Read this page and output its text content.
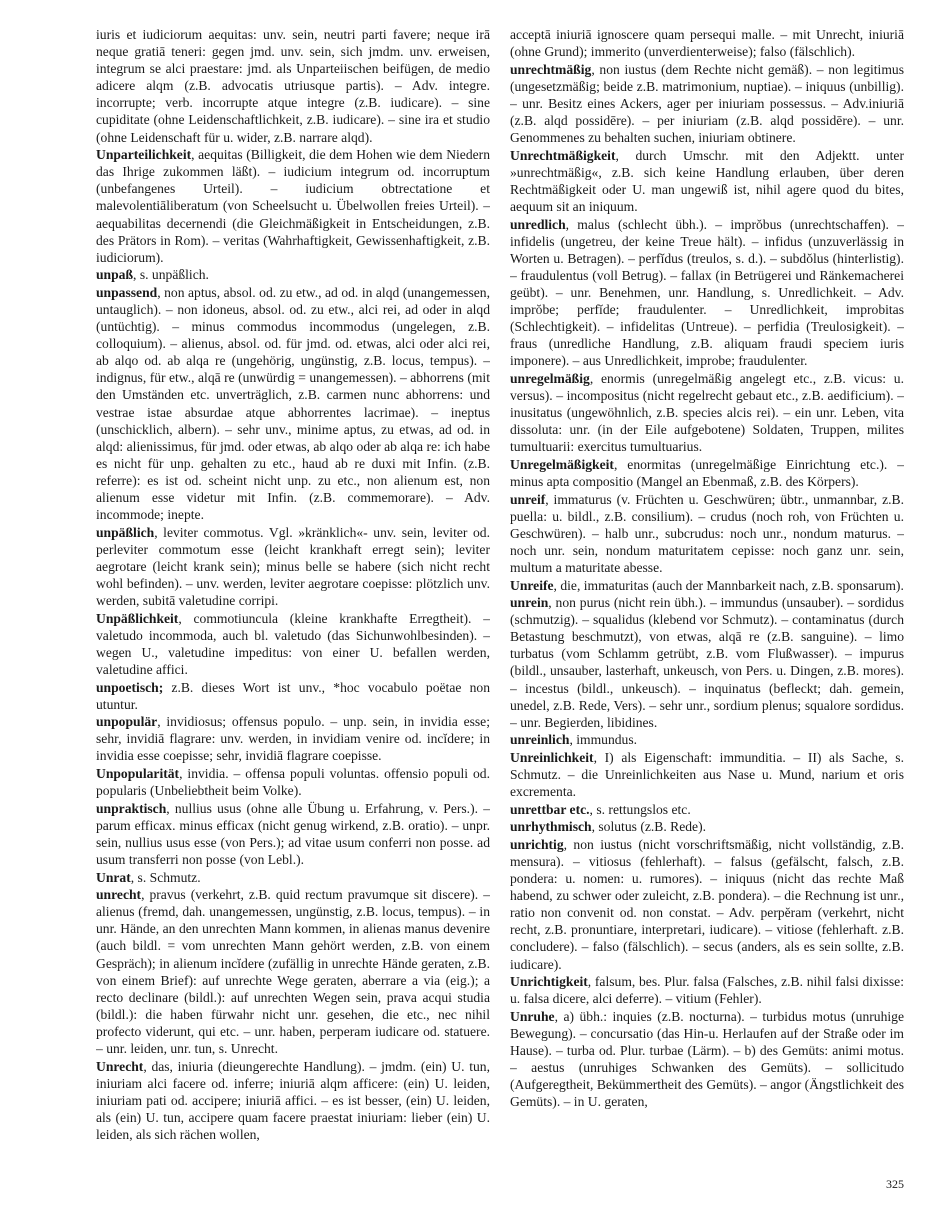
iuris et iudiciorum aequitas: unv. sein, neutri parti favere; neque irā neque gratiā teneri: gegen jmd. unv. sein, sich jmdm. unv. erweisen, integrum se alci praestare: jmd. als Unparteiischen beifügen, de medio adicere alqm (z.B. advocatis utriusque partis). – Adv. integre. incorrupte; verb. incorrupte atque integre (z.B. iudicare). – sine cupiditate (ohne Leidenschaftlichkeit, z.B. iudicare). – sine ira et studio (ohne Leidenschaft für u. wider, z.B. narrare alqd).

Unparteilichkeit, aequitas (Billigkeit, die dem Hohen wie dem Niedern das Ihrige zukommen läßt). – iudicium integrum od. incorruptum (unbefangenes Urteil). – iudicium obtrectatione et malevolentiāliberatum (von Scheelsucht u. Übelwollen freies Urteil). – aequabilitas decernendi (die Gleichmäßigkeit in Entscheidungen, z.B. des Prätors in Rom). – veritas (Wahrhaftigkeit, Gewissenhaftigkeit, z.B. iudiciorum).

unpaß, s. unpäßlich.

unpassend, non aptus, absol. od. zu etw., ad od. in alqd (unangemessen, untauglich). – non idoneus, absol. od. zu etw., alci rei, ad oder in alqd (untüchtig). – minus commodus incommodus (ungelegen, z.B. colloquium). – alienus, absol. od. für jmd. od. etwas, alci oder alci rei, ab alqo od. ab alqa re (ungehörig, ungünstig, z.B. locus, tempus). – indignus, für etw., alqā re (unwürdig = unangemessen). – abhorrens (mit den Umständen etc. unverträglich, z.B. carmen nunc abhorrens: und vestrae istae absurdae atque abhorrentes lacrimae). – ineptus (unschicklich, albern). – sehr unv., minime aptus, zu etwas, ad od. in alqd: alienissimus, für jmd. oder etwas, ab alqo oder ab alqa re: ich habe es nicht für unp. gehalten zu etc., haud ab re duxi mit Infin. (z.B. referre): es ist od. scheint nicht unp. zu etc., non alienum est, non alienum esse videtur mit Infin. (z.B. commemorare). – Adv. incommode; inepte.

unpäßlich, leviter commotus. Vgl. »kränklich«- unv. sein, leviter od. perleviter commotum esse (leicht krankhaft erregt sein); leviter aegrotare (leicht krank sein); minus belle se habere (sich nicht recht wohl befinden). – unv. werden, leviter aegrotare coepisse: plötzlich unv. werden, subitā valetudine corripi.

Unpäßlichkeit, commotiuncula (kleine krankhafte Erregtheit). – valetudo incommoda, auch bl. valetudo (das Sichunwohlbesinden). – wegen U., valetudine impeditus: von einer U. befallen werden, valetudine affici.

unpoetisch; z.B. dieses Wort ist unv., *hoc vocabulo poëtae non utuntur.

unpopulär, invidiosus; offensus populo. – unp. sein, in invidia esse; sehr, invidiā flagrare: unv. werden, in invidiam venire od. incĭdere; in invidia esse coepisse; sehr, invidiā flagrare coepisse.

Unpopularität, invidia. – offensa populi voluntas. offensio populi od. popularis (Unbeliebtheit beim Volke).

unpraktisch, nullius usus (ohne alle Übung u. Erfahrung, v. Pers.). – parum efficax. minus efficax (nicht genug wirkend, z.B. oratio). – unpr. sein, nullius usus esse (von Pers.); ad vitae usum conferri non posse. ad usum transferri non posse (von Lebl.).

Unrat, s. Schmutz.

unrecht, pravus (verkehrt, z.B. quid rectum pravumque sit discere). – alienus (fremd, dah. unangemessen, ungünstig, z.B. locus, tempus). – in unr. Hände, an den unrechten Mann kommen, in alienas manus devenire (auch bildl. = vom unrechten Mann gehört werden, z.B. von einem Gespräch); in alienum incĭdere (zufällig in unrechte Hände geraten, z.B. von einem Brief): auf unrechte Wege geraten, aberrare a via (eig.); a recto declinare (bildl.): auf unrechten Wegen sein, prava acqui studia (bildl.): die haben fürwahr nicht unr. gesehen, die etc., nec nihil profecto viderunt, qui etc. – unr. haben, perperam iudicare od. statuere. – unr. leiden, unr. tun, s. Unrecht.

Unrecht, das, iniuria (dieungerechte Handlung). – jmdm. (ein) U. tun, iniuriam alci facere od. inferre; iniuriā alqm afficere: (ein) U. leiden, iniuriam pati od. accipere; iniuriā affici. – es ist besser, (ein) U. leiden, als (ein) U. tun, accipere quam facere praestat iniuriam: lieber (ein) U. leiden, als sich rächen wollen,

acceptā iniuriā ignoscere quam persequi malle. – mit Unrecht, iniuriā (ohne Grund); immerito (unverdienterweise); falso (fälschlich).

unrechtmäßig, non iustus (dem Rechte nicht gemäß). – non legitimus (ungesetzmäßig; beide z.B. matrimonium, nuptiae). – iniquus (unbillig). – unr. Besitz eines Ackers, ager per iniuriam possessus. – Adv.iniuriā (z.B. alqd possidēre). – per iniuriam (z.B. alqd possidēre). – unr. Genommenes zu behalten suchen, iniuriam obtinere.

Unrechtmäßigkeit, durch Umschr. mit den Adjektt. unter »unrechtmäßig«, z.B. sich keine Handlung erlauben, über deren Rechtmäßigkeit oder U. man ungewiß ist, nihil agere quod du bites, aequum sit an iniquum.

unredlich, malus (schlecht übh.). – imprŏbus (unrechtschaffen). – infidelis (ungetreu, der keine Treue hält). – infidus (unzuverlässig in Worten u. Betragen). – perfĭdus (treulos, s. d.). – subdŏlus (hinterlistig). – fraudulentus (voll Betrug). – fallax (in Betrügerei und Ränkemacherei geübt). – unr. Benehmen, unr. Handlung, s. Unredlichkeit. – Adv. imprŏbe; perfĭde; fraudulenter. – Unredlichkeit, improbitas (Schlechtigkeit). – infidelitas (Untreue). – perfidia (Treulosigkeit). – fraus (unredliche Handlung, z.B. aliquam fraudi speciem iuris imponere). – aus Unredlichkeit, improbe; fraudulenter.

unregelmäßig, enormis (unregelmäßig angelegt etc., z.B. vicus: u. versus). – incompositus (nicht regelrecht gebaut etc., z.B. aedificium). – inusitatus (ungewöhnlich, z.B. species alcis rei). – ein unr. Leben, vita dissoluta: unr. (in der Eile aufgebotene) Soldaten, Truppen, milites tumultuarii: exercitus tumultuarius.

Unregelmäßigkeit, enormitas (unregelmäßige Einrichtung etc.). – minus apta compositio (Mangel an Ebenmaß, z.B. des Körpers).

unreif, immaturus (v. Früchten u. Geschwüren; übtr., unmannbar, z.B. puella: u. bildl., z.B. consilium). – crudus (noch roh, von Früchten u. Geschwüren). – halb unr., subcrudus: noch unr., nondum maturus. – noch unr. sein, nondum maturitatem cepisse: noch ganz unr. sein, multum a maturitate abesse.

Unreife, die, immaturitas (auch der Mannbarkeit nach, z.B. sponsarum).

unrein, non purus (nicht rein übh.). – immundus (unsauber). – sordidus (schmutzig). – squalidus (klebend vor Schmutz). – contaminatus (durch Betastung beschmutzt), von etwas, alqā re (z.B. sanguine). – limo turbatus (vom Schlamm getrübt, z.B. vom Flußwasser). – impurus (bildl., unsauber, lasterhaft, unkeusch, von Pers. u. Dingen, z.B. mores). – incestus (bildl., unkeusch). – inquinatus (befleckt; dah. gemein, unedel, z.B. Rede, Vers). – sehr unr., sordium plenus; squalore sordidus. – unr. Begierden, libidines.

unreinlich, immundus.

Unreinlichkeit, I) als Eigenschaft: immunditia. – II) als Sache, s. Schmutz. – die Unreinlichkeiten aus Nase u. Mund, narium et oris excrementa.

unrettbar etc., s. rettungslos etc.

unrhythmisch, solutus (z.B. Rede).

unrichtig, non iustus (nicht vorschriftsmäßig, nicht vollständig, z.B. mensura). – vitiosus (fehlerhaft). – falsus (gefälscht, falsch, z.B. pondera: u. nomen: u. rumores). – iniquus (nicht das rechte Maß habend, zu schwer oder zuleicht, z.B. pondera). – die Rechnung ist unr., ratio non convenit od. non constat. – Adv. perpĕram (verkehrt, nicht recht, z.B. pronuntiare, interpretari, iudicare). – vitiose (fehlerhaft. z.B. concludere). – falso (fälschlich). – secus (anders, als es sein sollte, z.B. iudicare).

Unrichtigkeit, falsum, bes. Plur. falsa (Falsches, z.B. nihil falsi dixisse: u. falsa dicere, alci deferre). – vitium (Fehler).

Unruhe, a) übh.: inquies (z.B. nocturna). – turbidus motus (unruhige Bewegung). – concursatio (das Hin-u. Herlaufen auf der Straße oder im Hause). – turba od. Plur. turbae (Lärm). – b) des Gemüts: animi motus. – aestus (unruhiges Schwanken des Gemüts). – sollicitudo (Aufgeregtheit, Bekümmertheit des Gemüts). – angor (Ängstlichkeit des Gemüts). – in U. geraten,

325
